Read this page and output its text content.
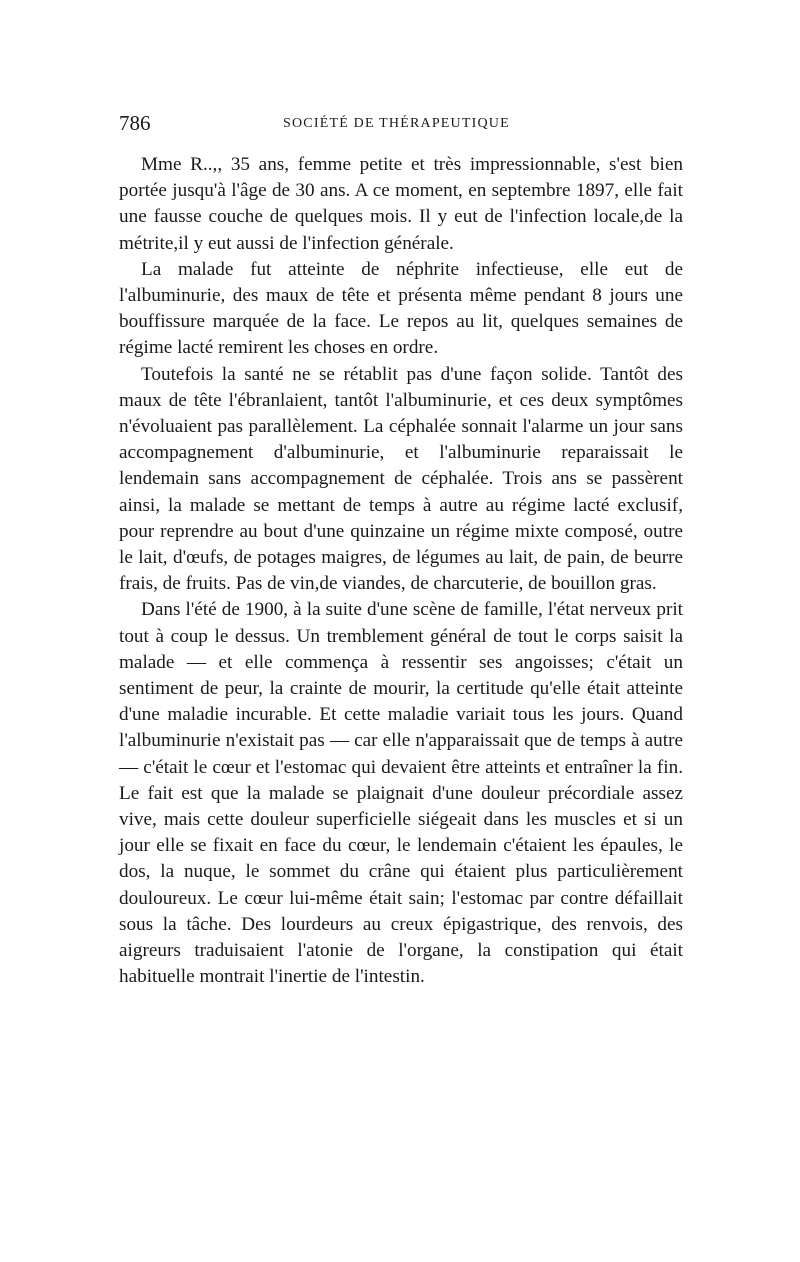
786	SOCIÉTÉ DE THÉRAPEUTIQUE

Mme R..,, 35 ans, femme petite et très impressionnable, s'est bien portée jusqu'à l'âge de 30 ans. A ce moment, en septembre 1897, elle fait une fausse couche de quelques mois. Il y eut de l'infection locale,de la métrite,il y eut aussi de l'infection générale.

La malade fut atteinte de néphrite infectieuse, elle eut de l'albuminurie, des maux de tête et présenta même pendant 8 jours une bouffissure marquée de la face. Le repos au lit, quelques semaines de régime lacté remirent les choses en ordre.

Toutefois la santé ne se rétablit pas d'une façon solide. Tantôt des maux de tête l'ébranlaient, tantôt l'albuminurie, et ces deux symptômes n'évoluaient pas parallèlement. La céphalée sonnait l'alarme un jour sans accompagnement d'albuminurie, et l'albuminurie reparaissait le lendemain sans accompagnement de céphalée. Trois ans se passèrent ainsi, la malade se mettant de temps à autre au régime lacté exclusif, pour reprendre au bout d'une quinzaine un régime mixte composé, outre le lait, d'œufs, de potages maigres, de légumes au lait, de pain, de beurre frais, de fruits. Pas de vin,de viandes, de charcuterie, de bouillon gras.

Dans l'été de 1900, à la suite d'une scène de famille, l'état nerveux prit tout à coup le dessus. Un tremblement général de tout le corps saisit la malade — et elle commença à ressentir ses angoisses; c'était un sentiment de peur, la crainte de mourir, la certitude qu'elle était atteinte d'une maladie incurable. Et cette maladie variait tous les jours. Quand l'albuminurie n'existait pas — car elle n'apparaissait que de temps à autre — c'était le cœur et l'estomac qui devaient être atteints et entraîner la fin. Le fait est que la malade se plaignait d'une douleur précordiale assez vive, mais cette douleur superficielle siégeait dans les muscles et si un jour elle se fixait en face du cœur, le lendemain c'étaient les épaules, le dos, la nuque, le sommet du crâne qui étaient plus particulièrement douloureux. Le cœur lui-même était sain; l'estomac par contre défaillait sous la tâche. Des lourdeurs au creux épigastrique, des renvois, des aigreurs traduisaient l'atonie de l'organe, la constipation qui était habituelle montrait l'inertie de l'intestin.
